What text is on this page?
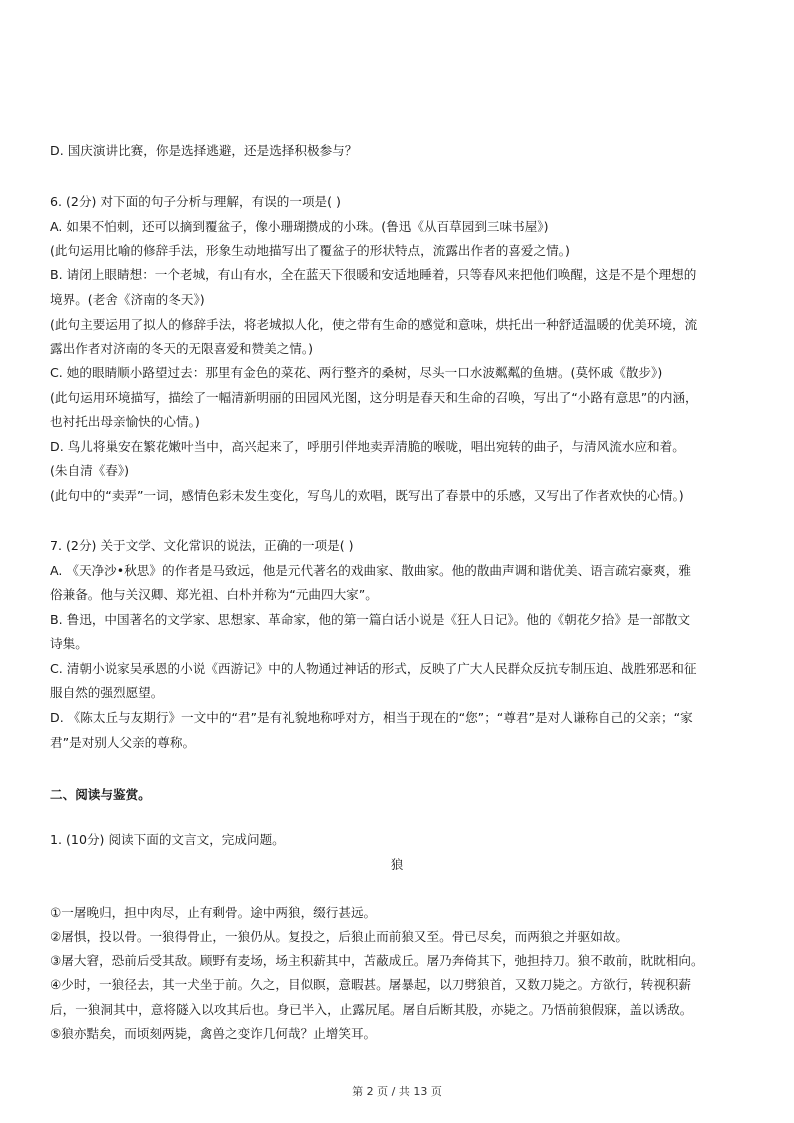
D. 国庆演讲比赛，你是选择逃避，还是选择积极参与？
6. (2分) 对下面的句子分析与理解，有误的一项是( )
A. 如果不怕刺，还可以摘到覆盆子，像小珊瑚攒成的小珠。(鲁迅《从百草园到三味书屋》)
(此句运用比喻的修辞手法，形象生动地描写出了覆盆子的形状特点，流露出作者的喜爱之情。)
B. 请闭上眼睛想：一个老城，有山有水，全在蓝天下很暖和安适地睡着，只等春风来把他们唤醒，这是不是个理想的
境界。(老舍《济南的冬天》)
(此句主要运用了拟人的修辞手法，将老城拟人化，使之带有生命的感觉和意味，烘托出一种舒适温暖的优美环境，流
露出作者对济南的冬天的无限喜爱和赞美之情。)
C. 她的眼睛顺小路望过去：那里有金色的菜花、两行整齐的桑树，尽头一口水波粼粼的鱼塘。(莫怀戚《散步》)
(此句运用环境描写，描绘了一幅清新明丽的田园风光图，这分明是春天和生命的召唤，写出了“小路有意思”的内涵，
也衬托出母亲愉快的心情。)
D. 鸟儿将巢安在繁花嫩叶当中，高兴起来了，呼朋引伴地卖弄清脆的喉咙，唱出宛转的曲子，与清风流水应和着。
(朱自清《春》)
(此句中的“卖弄”一词，感情色彩未发生变化，写鸟儿的欢唱，既写出了春景中的乐感，又写出了作者欢快的心情。)
7. (2分) 关于文学、文化常识的说法，正确的一项是( )
A. 《天净沙•秋思》的作者是马致远，他是元代著名的戏曲家、散曲家。他的散曲声调和谐优美、语言疏宕豪爽，雅
俗兼备。他与关汉卿、郑光祖、白朴并称为“元曲四大家”。
B. 鲁迅，中国著名的文学家、思想家、革命家，他的第一篇白话小说是《狂人日记》。他的《朝花夕拾》是一部散文
诗集。
C. 清朝小说家吴承恩的小说《西游记》中的人物通过神话的形式，反映了广大人民群众反抗专制压迫、战胜邪恶和征
服自然的强烈愿望。
D. 《陈太丘与友期行》一文中的“君”是有礼貌地称呼对方，相当于现在的“您”；“尊君”是对人谦称自己的父亲；“家
君”是对别人父亲的尊称。
二、阅读与鉴赏。
1. (10分) 阅读下面的文言文，完成问题。
狼
①一屠晚归，担中肉尽，止有剩骨。途中两狼，缀行甚远。
②屠惧，投以骨。一狼得骨止，一狼仍从。复投之，后狼止而前狼又至。骨已尽矣，而两狼之并驱如故。
③屠大窘，恐前后受其敌。顾野有麦场，场主积薪其中，苫蔽成丘。屠乃奔倚其下，弛担持刀。狼不敢前，眈眈相向。
④少时，一狼径去，其一犬坐于前。久之，目似瞑，意暇甚。屠暴起，以刀劈狼首，又数刀毙之。方欲行，转视积薪
后，一狼洞其中，意将隧入以攻其后也。身已半入，止露尻尾。屠自后断其股，亦毙之。乃悟前狼假寐，盖以诱敌。
⑤狼亦黠矣，而顷刻两毙，禽兽之变诈几何哉？止增笑耳。
第 2 页 / 共 13 页
